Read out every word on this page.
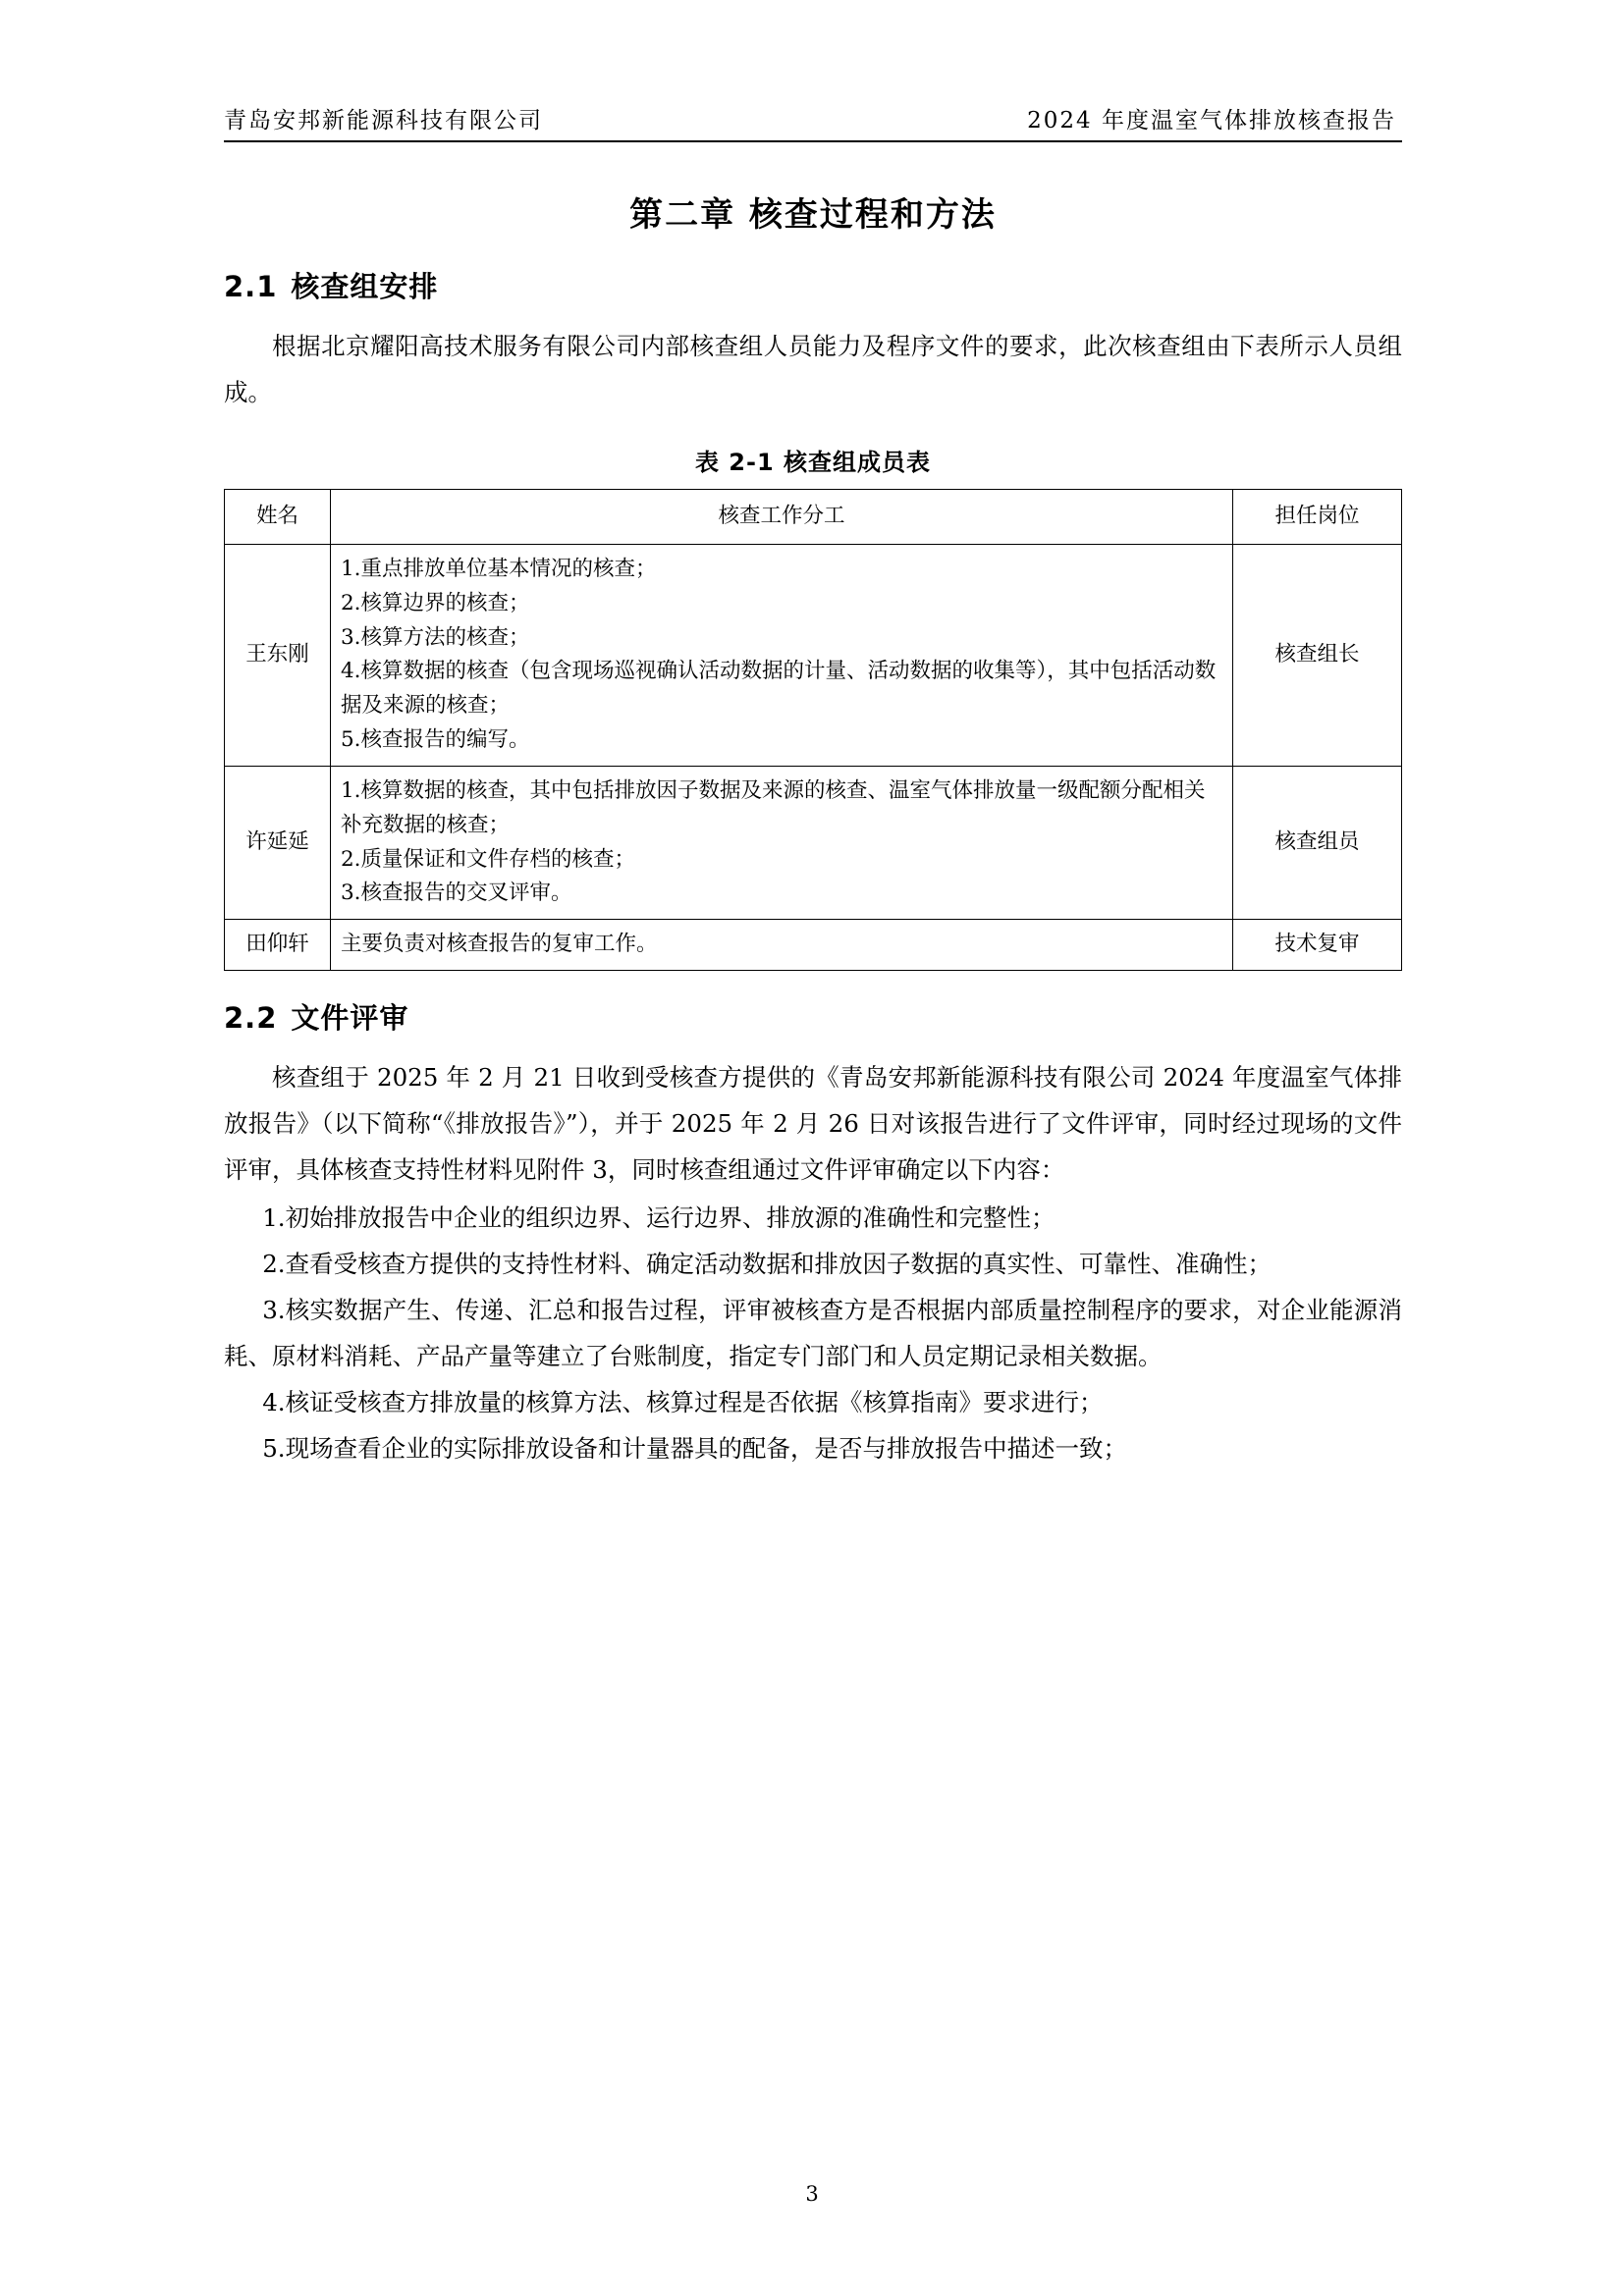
青岛安邦新能源科技有限公司	2024 年度温室气体排放核查报告
第二章 核查过程和方法
2.1 核查组安排

根据北京耀阳高技术服务有限公司内部核查组人员能力及程序文件的要求，此次核查组由下表所示人员组成。

表 2-1 核查组成员表
姓名	核查工作分工	担任岗位
王东刚	1.重点排放单位基本情况的核查；
2.核算边界的核查；
3.核算方法的核查；
4.核算数据的核查（包含现场巡视确认活动数据的计量、活动数据的收集等），其中包括活动数据及来源的核查；
5.核查报告的编写。	核查组长
许延延	1.核算数据的核查，其中包括排放因子数据及来源的核查、温室气体排放量一级配额分配相关补充数据的核查；
2.质量保证和文件存档的核查；
3.核查报告的交叉评审。	核查组员
田仰轩	主要负责对核查报告的复审工作。	技术复审
2.2 文件评审

核查组于 2025 年 2 月 21 日收到受核查方提供的《青岛安邦新能源科技有限公司 2024 年度温室气体排放报告》（以下简称“《排放报告》”），并于 2025 年 2 月 26 日对该报告进行了文件评审，同时经过现场的文件评审，具体核查支持性材料见附件 3，同时核查组通过文件评审确定以下内容：

1.初始排放报告中企业的组织边界、运行边界、排放源的准确性和完整性；

2.查看受核查方提供的支持性材料、确定活动数据和排放因子数据的真实性、可靠性、准确性；

3.核实数据产生、传递、汇总和报告过程，评审被核查方是否根据内部质量控制程序的要求，对企业能源消耗、原材料消耗、产品产量等建立了台账制度，指定专门部门和人员定期记录相关数据。

4.核证受核查方排放量的核算方法、核算过程是否依据《核算指南》要求进行；

5.现场查看企业的实际排放设备和计量器具的配备，是否与排放报告中描述一致；

3
